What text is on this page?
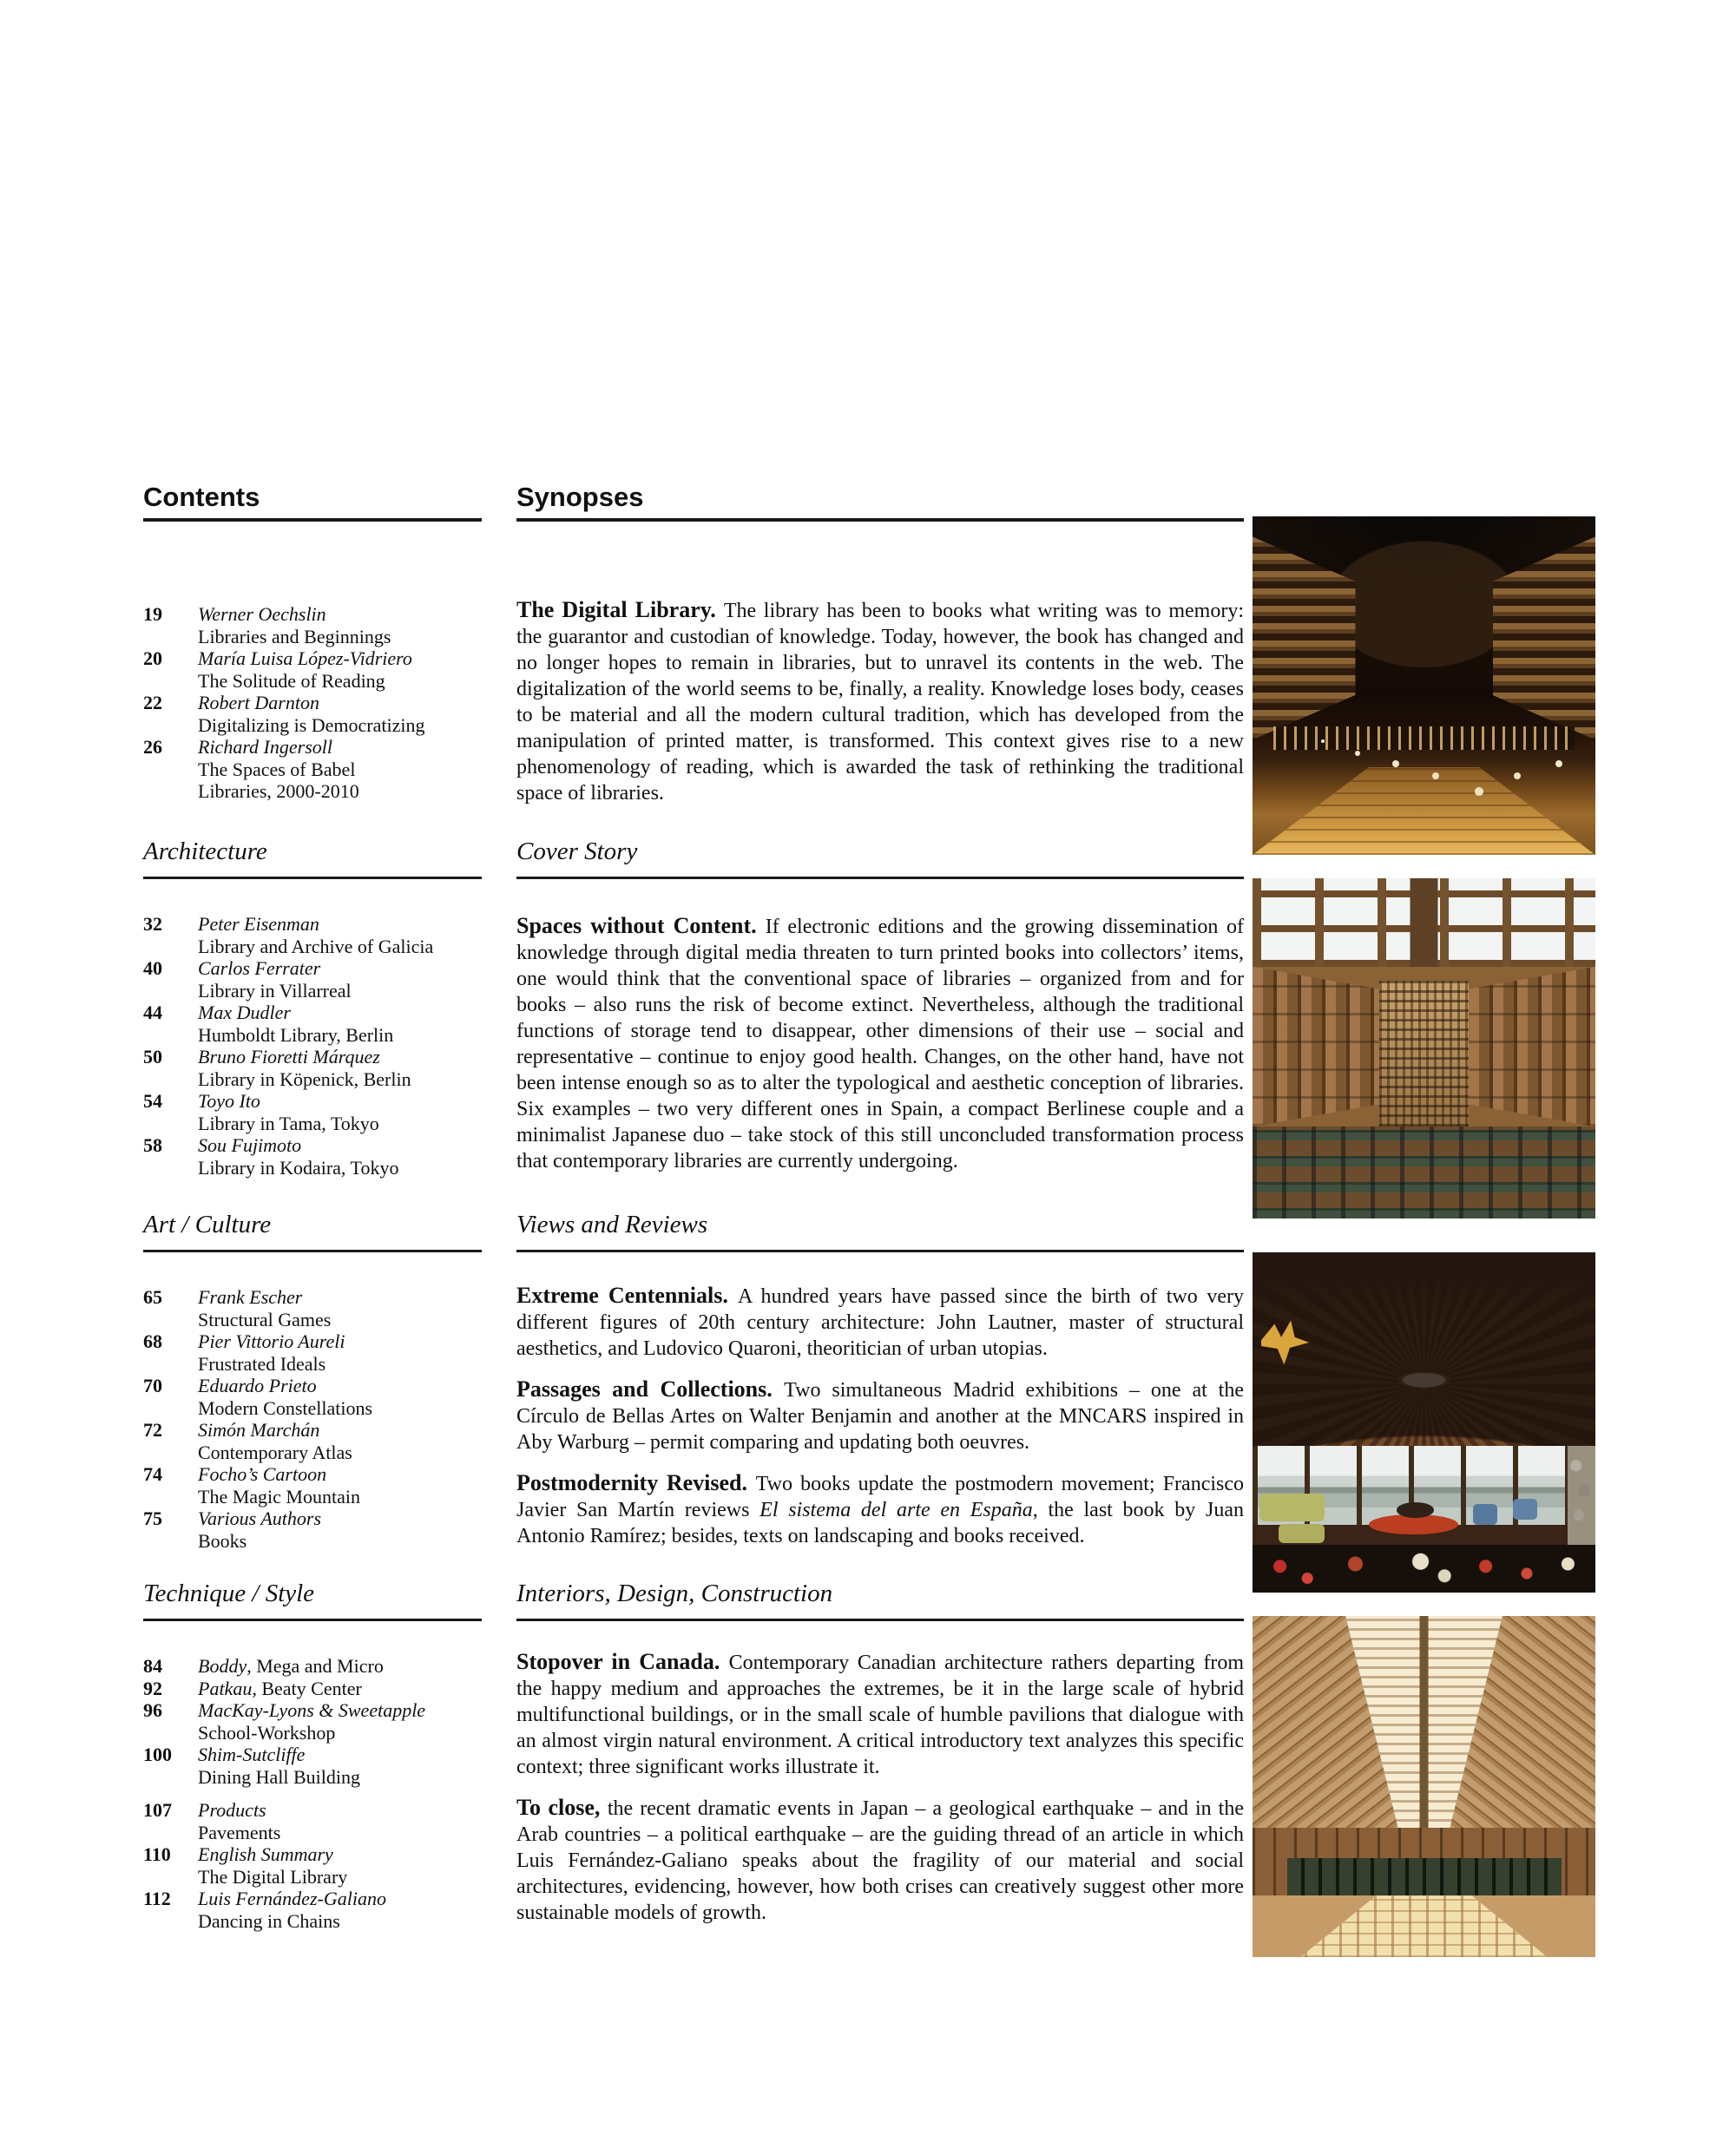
Contents
19	Werner Oechslin
Libraries and Beginnings
20	María Luisa López-Vidriero
The Solitude of Reading
22	Robert Darnton
Digitalizing is Democratizing
26	Richard Ingersoll
The Spaces of Babel
Libraries, 2000-2010
Architecture
32	Peter Eisenman
Library and Archive of Galicia
40	Carlos Ferrater
Library in Villarreal
44	Max Dudler
Humboldt Library, Berlin
50	Bruno Fioretti Márquez
Library in Köpenick, Berlin
54	Toyo Ito
Library in Tama, Tokyo
58	Sou Fujimoto
Library in Kodaira, Tokyo
Art / Culture
65	Frank Escher
Structural Games
68	Pier Vittorio Aureli
Frustrated Ideals
70	Eduardo Prieto
Modern Constellations
72	Simón Marchán
Contemporary Atlas
74	Focho’s Cartoon
The Magic Mountain
75	Various Authors
Books
Technique / Style
84	Boddy, Mega and Micro
92	Patkau, Beaty Center
96	MacKay-Lyons & Sweetapple
School-Workshop
100	Shim-Sutcliffe
Dining Hall Building
107	Products
Pavements
110	English Summary
The Digital Library
112	Luis Fernández-Galiano
Dancing in Chains
Synopses

The Digital Library. The library has been to books what writing was to memory: the guarantor and custodian of knowledge. Today, however, the book has changed and no longer hopes to remain in libraries, but to unravel its contents in the web. The digitalization of the world seems to be, finally, a reality. Knowledge loses body, ceases to be material and all the modern cultural tradition, which has developed from the manipulation of printed matter, is transformed. This context gives rise to a new phenomenology of reading, which is awarded the task of rethinking the traditional space of libraries.

Cover Story

Spaces without Content. If electronic editions and the growing dissemination of knowledge through digital media threaten to turn printed books into collectors’ items, one would think that the conventional space of libraries – organized from and for books – also runs the risk of become extinct. Nevertheless, although the traditional functions of storage tend to disappear, other dimensions of their use – social and representative – continue to enjoy good health. Changes, on the other hand, have not been intense enough so as to alter the typological and aesthetic conception of libraries. Six examples – two very different ones in Spain, a compact Berlinese couple and a minimalist Japanese duo – take stock of this still unconcluded transformation process that contemporary libraries are currently undergoing.

Views and Reviews

Extreme Centennials. A hundred years have passed since the birth of two very different figures of 20th century architecture: John Lautner, master of structural aesthetics, and Ludovico Quaroni, theoritician of urban utopias.

Passages and Collections. Two simultaneous Madrid exhibitions – one at the Círculo de Bellas Artes on Walter Benjamin and another at the MNCARS inspired in Aby Warburg – permit comparing and updating both oeuvres.

Postmodernity Revised. Two books update the postmodern movement; Francisco Javier San Martín reviews El sistema del arte en España, the last book by Juan Antonio Ramírez; besides, texts on landscaping and books received.

Interiors, Design, Construction

Stopover in Canada. Contemporary Canadian architecture rathers departing from the happy medium and approaches the extremes, be it in the large scale of hybrid multifunctional buildings, or in the small scale of humble pavilions that dialogue with an almost virgin natural environment. A critical introductory text analyzes this specific context; three significant works illustrate it.

To close, the recent dramatic events in Japan – a geological earthquake – and in the Arab countries – a political earthquake – are the guiding thread of an article in which Luis Fernández-Galiano speaks about the fragility of our material and social architectures, evidencing, however, how both crises can creatively suggest other more sustainable models of growth.
